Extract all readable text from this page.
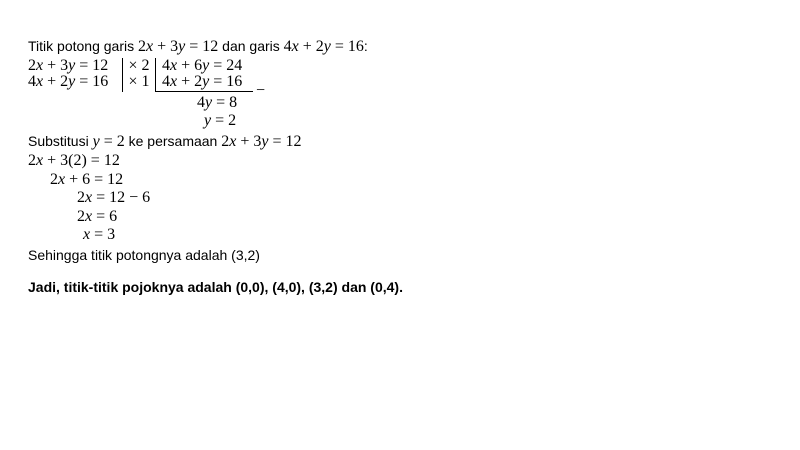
Titik potong garis 2x + 3y = 12 dan garis 4x + 2y = 16:
2x + 3y = 12
4x + 2y = 16
× 2
× 1
4x + 6y = 24
4x + 2y = 16 −
4y = 8
y = 2
Substitusi y = 2 ke persamaan 2x + 3y = 12
2x + 3(2) = 12
2x + 6 = 12
2x = 12 − 6
2x = 6
x = 3
Sehingga titik potongnya adalah (3,2)
Jadi, titik-titik pojoknya adalah (0,0), (4,0), (3,2) dan (0,4).
